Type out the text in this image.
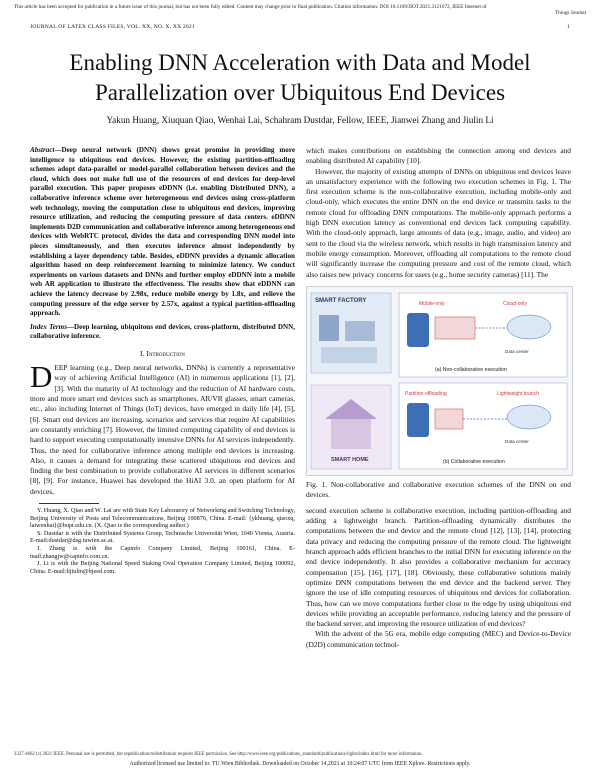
This article has been accepted for publication in a future issue of this journal, but has not been fully edited. Content may change prior to final publication. Citation information: DOI 10.1109/JIOT.2021.3121672, IEEE Internet of
Things Journal
JOURNAL OF LATEX CLASS FILES, VOL. XX, NO. X, XX 2021	1
Enabling DNN Acceleration with Data and Model
Parallelization over Ubiquitous End Devices
Yakun Huang, Xiuquan Qiao, Wenhai Lai, Schahram Dustdar, Fellow, IEEE, Jianwei Zhang and Jiulin Li
Abstract—Deep neural network (DNN) shows great promise in providing more intelligence to ubiquitous end devices. However, the existing partition-offloading schemes adopt data-parallel or model-parallel collaboration between devices and the cloud, which does not make full use of the resources of end devices for deep-level parallel execution. This paper proposes eDDNN (i.e. enabling Distributed DNN), a collaborative inference scheme over heterogeneous end devices using cross-platform web technology, moving the computation close to ubiquitous end devices, improving resource utilization, and reducing the computing pressure of data centers. eDDNN implements D2D communication and collaborative inference among heterogeneous end devices with WebRTC protocol, divides the data and corresponding DNN model into pieces simultaneously, and then executes inference almost independently by establishing a layer dependency table. Besides, eDDNN provides a dynamic allocation algorithm based on deep reinforcement learning to minimize latency. We conduct experiments on various datasets and DNNs and further employ eDDNN into a mobile web AR application to illustrate the effectiveness. The results show that eDDNN can achieve the latency decrease by 2.98x, reduce mobile energy by 1.8x, and relieve the computing pressure of the edge server by 2.57x, against a typical partition-offloading approach.
Index Terms—Deep learning, ubiquitous end devices, cross-platform, distributed DNN, collaborative inference.
I. Introduction

DEEP learning (e.g., Deep neural networks, DNNs) is currently a representative way of achieving Artificial Intelligence (AI) in numerous applications [1], [2], [3]. With the maturity of AI technology and the reduction of AI hardware costs, more and more smart end devices such as smartphones, AR/VR glasses, smart cameras, etc., also including Internet of Things (IoT) devices, have emerged in daily life [4], [5], [6]. Smart end devices are increasing, scenarios and services that require AI capabilities are constantly enriching [7]. However, the limited computing capability of end devices is hard to support executing computationally intensive DNNs for AI services independently. Thus, the need for collaborative inference among multiple end devices is increasing. Also, it causes a demand for integrating these scattered ubiquitous end devices and finding the best combination to provide collaborative AI services in different scenarios [8], [9]. For instance, Huawei has developed the HiAI 3.0, an open platform for AI devices,

Y. Huang, X. Qiao and W. Lai are with State Key Laboratory of Networking and Switching Technology, Beijing University of Posts and Telecommunications, Beijing 100876, China. E-mail: {ykhuang, qiaoxq, laiwenhai}@bupt.edu.cn. (X. Qiao is the corresponding author.)

S. Dustdar is with the Distributed Systems Group, Technische Universität Wien, 1040 Vienna, Austria. E-mail:dustdar@dsg.tuwien.ac.at.

J. Zhang is with the Capinfo Company Limited, Beijing 100161, China. E-mail:zhangjw@capinfo.com.cn.

J. Li is with the Beijing National Speed Staking Oval Operation Company Limited, Beijing 100092, China. E-mail:lijiulin@bjeed.com.

which makes contributions on establishing the connection among end devices and enabling distributed AI capability [10].

However, the majority of existing attempts of DNNs on ubiquitous end devices leave an unsatisfactory experience with the following two execution schemes in Fig. 1. The first execution scheme is the non-collaborative execution, including mobile-only and cloud-only, which executes the entire DNN on the end device or transmits tasks to the remote cloud for offloading DNN computations. The mobile-only approach performs a high DNN execution latency as conventional end devices lack computing capability. With the cloud-only approach, large amounts of data (e.g., image, audio, and video) are sent to the cloud via the wireless network, which results in high transmission latency and mobile energy consumption. Moreover, offloading all computations to the remote cloud will significantly increase the computing pressure and cost of the remote cloud, which also raises new privacy concerns for users (e.g., home security cameras) [11]. The

SMART FACTORY
SMART HOME
Mobile-only	Cloud-only
Data center
(a) Non-collaborative execution
Partition-offloading	Lightweight branch
Data center
(b) Collaborative execution
Fig. 1. Non-collaborative and collaborative execution schemes of the DNN on end devices.

second execution scheme is collaborative execution, including partition-offloading and adding a lightweight branch. Partition-offloading dynamically distributes the computations between the end device and the remote cloud [12], [13], [14], protecting data privacy and reducing the computing pressure of the remote cloud. The lightweight branch approach adds efficient branches to the initial DNN for executing inference on the end device independently. It also provides a collaborative mechanism for accuracy compensation [15], [16], [17], [18]. Obviously, these collaborative solutions mainly optimize DNN computations between the end device and the backend server. They ignore the use of idle computing resources of ubiquitous end devices for collaboration. Thus, how can we move computations further close to the edge by using ubiquitous end devices while providing an acceptable performance, reducing latency and the pressure of the backend server, and improving the resource utilization of end devices?

With the advent of the 5G era, mobile edge computing (MEC) and Device-to-Device (D2D) communication technol-

2327-4662 (c) 2021 IEEE. Personal use is permitted, but republication/redistribution requires IEEE permission. See http://www.ieee.org/publications_standards/publications/rights/index.html for more information.
Authorized licensed use limited to: TU Wien Bibliothek. Downloaded on October 14,2021 at 10:24:07 UTC from IEEE Xplore. Restrictions apply.
